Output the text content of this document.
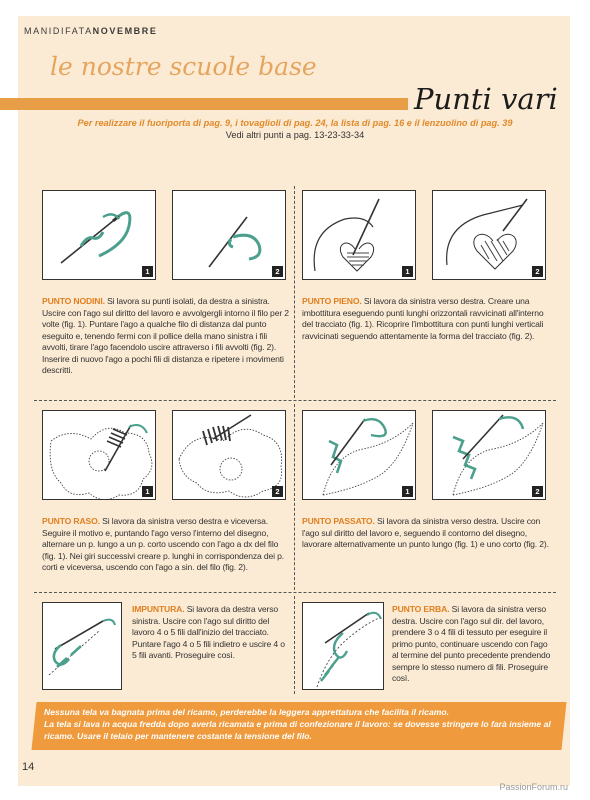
MANIDIFATANOVEMBRE
le nostre scuole base
Punti vari
Per realizzare il fuoriporta di pag. 9, i tovaglioli di pag. 24, la lista di pag. 16 e il lenzuolino di pag. 39
Vedi altri punti a pag. 13-23-33-34
1	2	1	2
PUNTO NODINI. Si lavora su punti isolati, da destra a sinistra. Uscire con l'ago sul diritto del lavoro e avvolgergli intorno il filo per 2 volte (fig. 1). Puntare l'ago a qualche filo di distanza dal punto eseguito e, tenendo fermi con il pollice della mano sinistra i fili avvolti, tirare l'ago facendolo uscire attraverso i fili avvolti (fig. 2). Inserire di nuovo l'ago a pochi fili di distanza e ripetere i movimenti descritti.
PUNTO PIENO. Si lavora da sinistra verso destra. Creare una imbottitura eseguendo punti lunghi orizzontali ravvicinati all'interno del tracciato (fig. 1). Ricoprire l'imbottitura con punti lunghi verticali ravvicinati seguendo attentamente la forma del tracciato (fig. 2).
1	2	1	2
PUNTO RASO. Si lavora da sinistra verso destra e viceversa. Seguire il motivo e, puntando l'ago verso l'interno del disegno, alternare un p. lungo a un p. corto uscendo con l'ago a dx del filo (fig. 1). Nei giri successivi creare p. lunghi in corrispondenza dei p. corti e viceversa, uscendo con l'ago a sin. del filo (fig. 2).
PUNTO PASSATO. Si lavora da sinistra verso destra. Uscire con l'ago sul diritto del lavoro e, seguendo il contorno del disegno, lavorare alternativamente un punto lungo (fig. 1) e uno corto (fig. 2).
IMPUNTURA. Si lavora da destra verso sinistra. Uscire con l'ago sul diritto del lavoro 4 o 5 fili dall'inizio del tracciato. Puntare l'ago 4 o 5 fili indietro e uscire 4 o 5 fili avanti. Proseguire così.
PUNTO ERBA. Si lavora da sinistra verso destra. Uscire con l'ago sul dir. del lavoro, prendere 3 o 4 fili di tessuto per eseguire il primo punto, continuare uscendo con l'ago al termine del punto precedente prendendo sempre lo stesso numero di fili. Proseguire così.
Nessuna tela va bagnata prima del ricamo, perderebbe la leggera apprettatura che facilita il ricamo.
La tela si lava in acqua fredda dopo averla ricamata e prima di confezionare il lavoro: se dovesse stringere lo farà insieme al ricamo. Usare il telaio per mantenere costante la tensione del filo.
14
PassionForum.ru
